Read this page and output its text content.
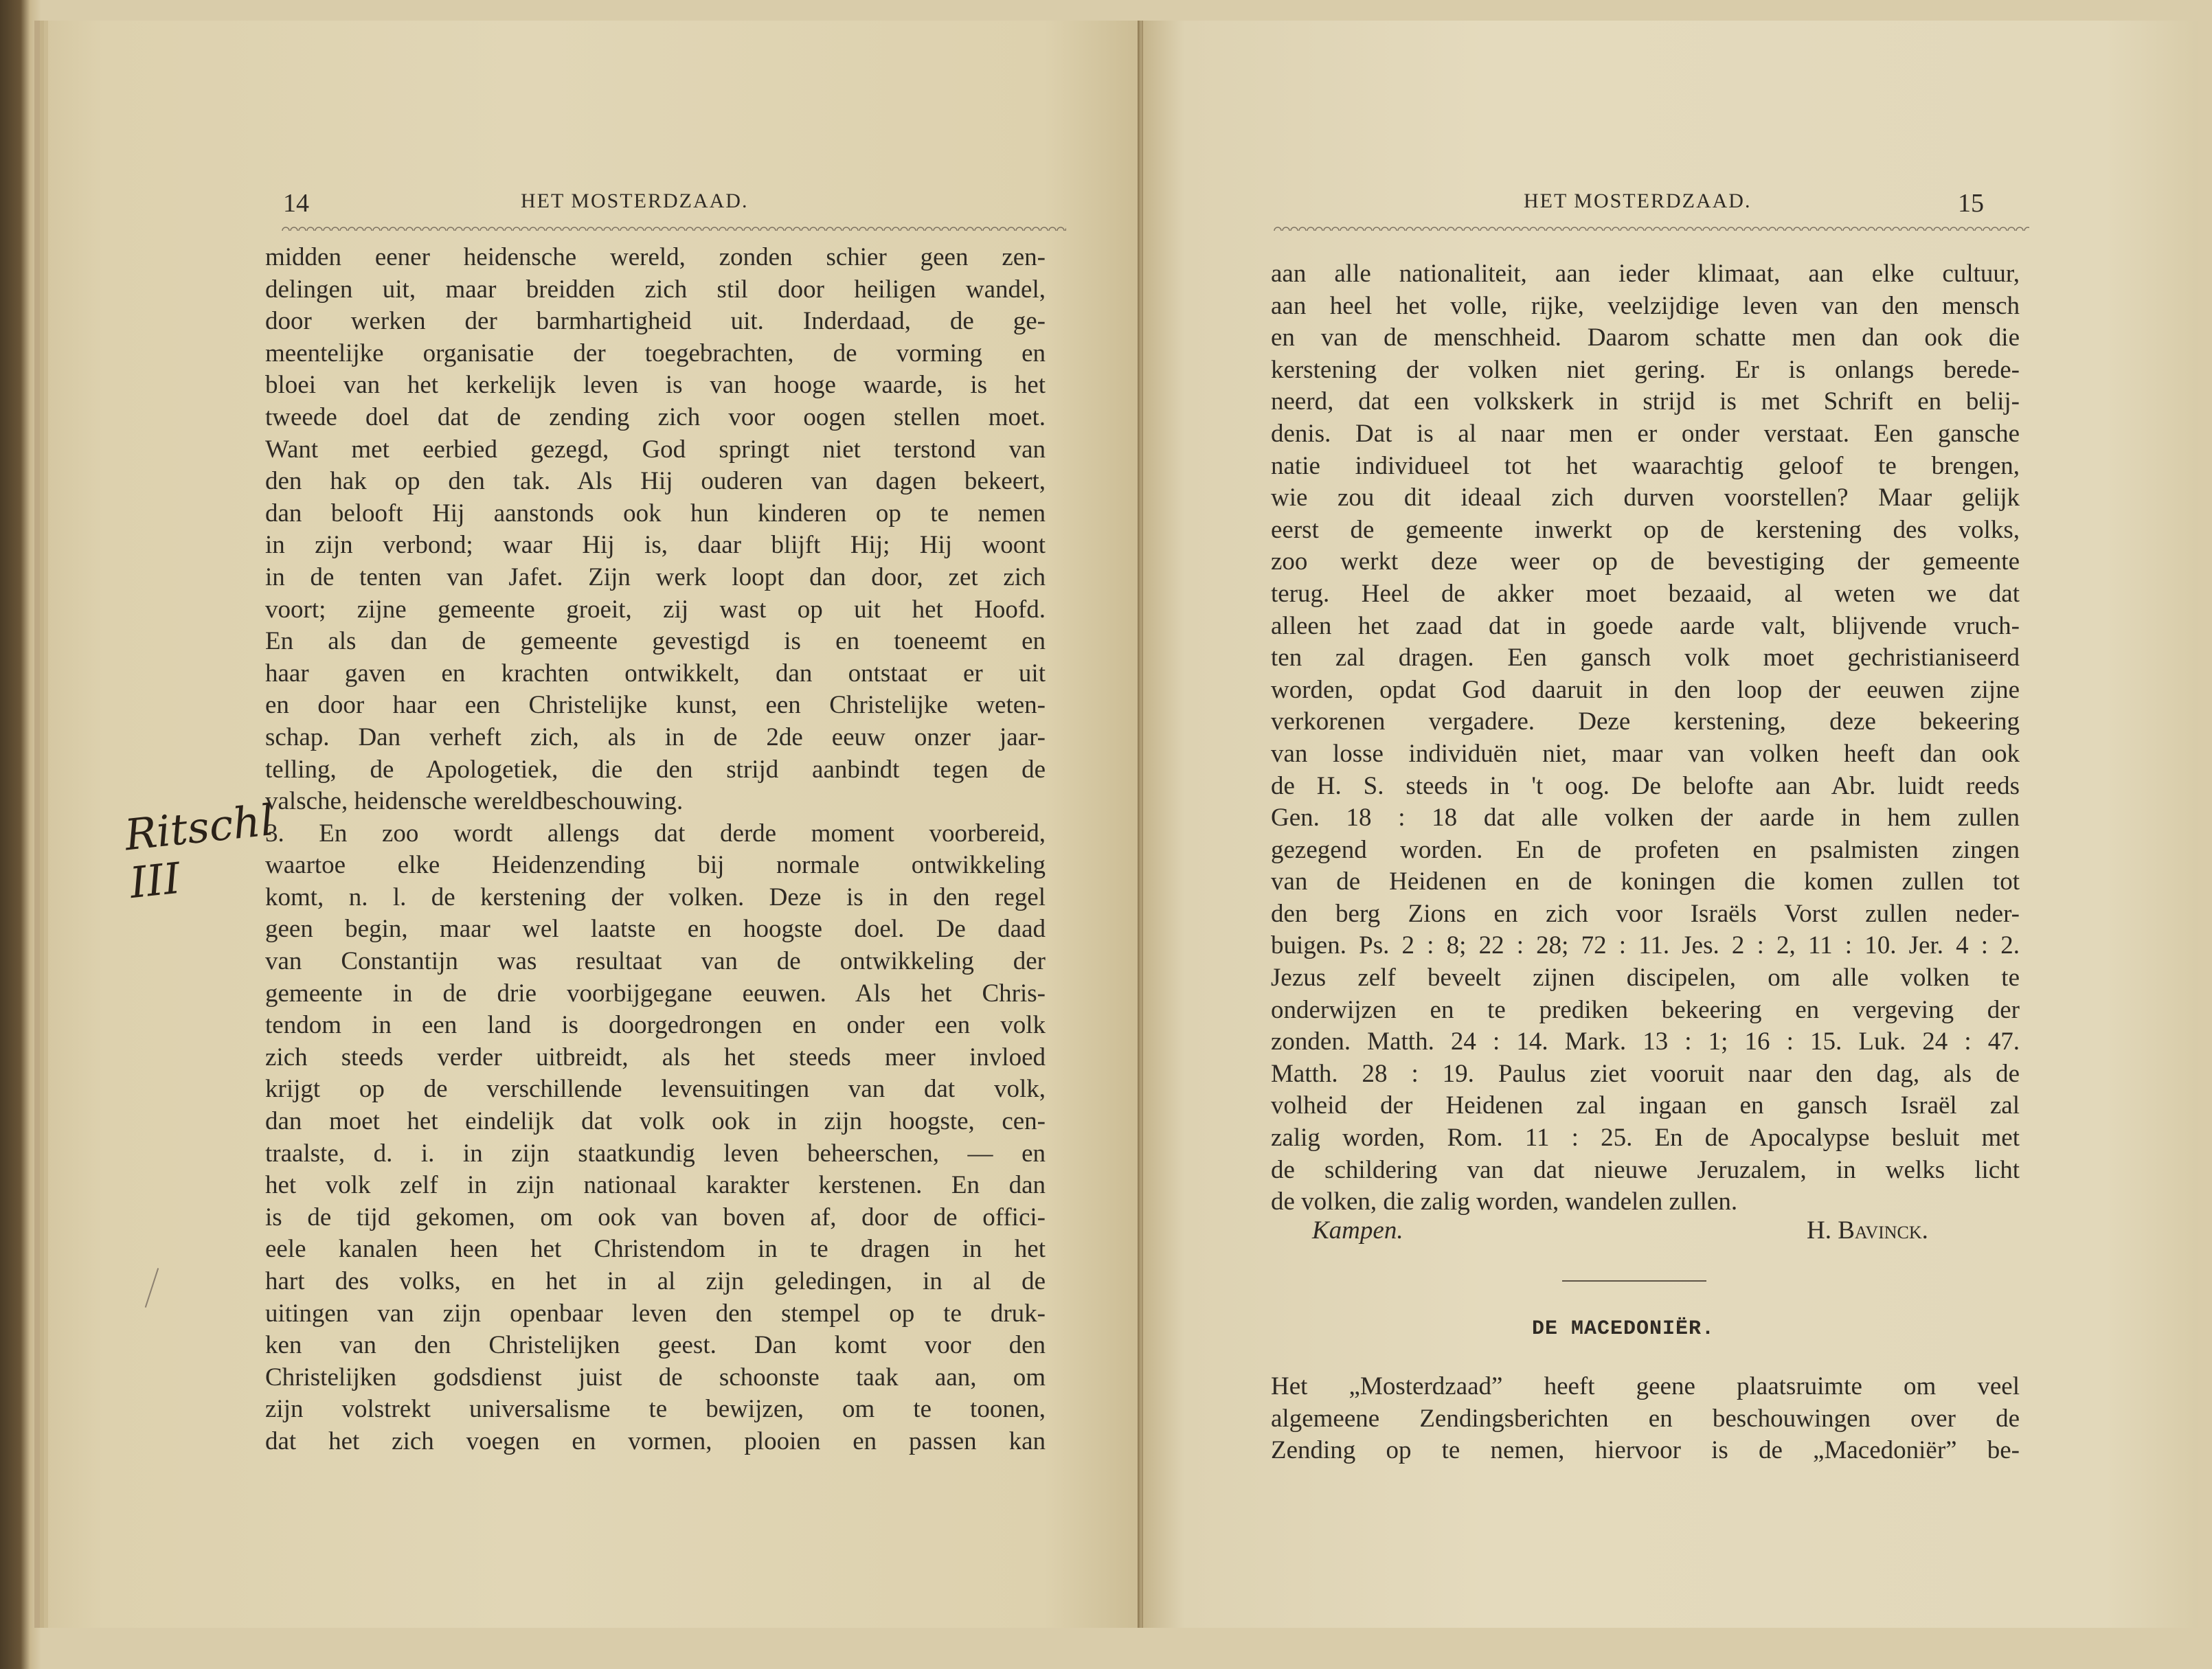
14	HET MOSTERDZAAD.
midden eener heidensche wereld, zonden schier geen zen-
delingen uit, maar breidden zich stil door heiligen wandel,
door werken der barmhartigheid uit. Inderdaad, de ge-
meentelijke organisatie der toegebrachten, de vorming en
bloei van het kerkelijk leven is van hooge waarde, is het
tweede doel dat de zending zich voor oogen stellen moet.
Want met eerbied gezegd, God springt niet terstond van
den hak op den tak. Als Hij ouderen van dagen bekeert,
dan belooft Hij aanstonds ook hun kinderen op te nemen
in zijn verbond; waar Hij is, daar blijft Hij; Hij woont
in de tenten van Jafet. Zijn werk loopt dan door, zet zich
voort; zijne gemeente groeit, zij wast op uit het Hoofd.
En als dan de gemeente gevestigd is en toeneemt en
haar gaven en krachten ontwikkelt, dan ontstaat er uit
en door haar een Christelijke kunst, een Christelijke weten-
schap. Dan verheft zich, als in de 2de eeuw onzer jaar-
telling, de Apologetiek, die den strijd aanbindt tegen de
valsche, heidensche wereldbeschouwing.
3. En zoo wordt allengs dat derde moment voorbereid,
waartoe elke Heidenzending bij normale ontwikkeling
komt, n. l. de kerstening der volken. Deze is in den regel
geen begin, maar wel laatste en hoogste doel. De daad
van Constantijn was resultaat van de ontwikkeling der
gemeente in de drie voorbijgegane eeuwen. Als het Chris-
tendom in een land is doorgedrongen en onder een volk
zich steeds verder uitbreidt, als het steeds meer invloed
krijgt op de verschillende levensuitingen van dat volk,
dan moet het eindelijk dat volk ook in zijn hoogste, cen-
traalste, d. i. in zijn staatkundig leven beheerschen, — en
het volk zelf in zijn nationaal karakter kerstenen. En dan
is de tijd gekomen, om ook van boven af, door de offici-
eele kanalen heen het Christendom in te dragen in het
hart des volks, en het in al zijn geledingen, in al de
uitingen van zijn openbaar leven den stempel op te druk-
ken van den Christelijken geest. Dan komt voor den
Christelijken godsdienst juist de schoonste taak aan, om
zijn volstrekt universalisme te bewijzen, om te toonen,
dat het zich voegen en vormen, plooien en passen kan
Ritschl
III
HET MOSTERDZAAD.	15
aan alle nationaliteit, aan ieder klimaat, aan elke cultuur,
aan heel het volle, rijke, veelzijdige leven van den mensch
en van de menschheid. Daarom schatte men dan ook die
kerstening der volken niet gering. Er is onlangs berede-
neerd, dat een volkskerk in strijd is met Schrift en belij-
denis. Dat is al naar men er onder verstaat. Een gansche
natie individueel tot het waarachtig geloof te brengen,
wie zou dit ideaal zich durven voorstellen? Maar gelijk
eerst de gemeente inwerkt op de kerstening des volks,
zoo werkt deze weer op de bevestiging der gemeente
terug. Heel de akker moet bezaaid, al weten we dat
alleen het zaad dat in goede aarde valt, blijvende vruch-
ten zal dragen. Een gansch volk moet gechristianiseerd
worden, opdat God daaruit in den loop der eeuwen zijne
verkorenen vergadere. Deze kerstening, deze bekeering
van losse individuën niet, maar van volken heeft dan ook
de H. S. steeds in 't oog. De belofte aan Abr. luidt reeds
Gen. 18 : 18 dat alle volken der aarde in hem zullen
gezegend worden. En de profeten en psalmisten zingen
van de Heidenen en de koningen die komen zullen tot
den berg Zions en zich voor Israëls Vorst zullen neder-
buigen. Ps. 2 : 8; 22 : 28; 72 : 11. Jes. 2 : 2, 11 : 10. Jer. 4 : 2.
Jezus zelf beveelt zijnen discipelen, om alle volken te
onderwijzen en te prediken bekeering en vergeving der
zonden. Matth. 24 : 14. Mark. 13 : 1; 16 : 15. Luk. 24 : 47.
Matth. 28 : 19. Paulus ziet vooruit naar den dag, als de
volheid der Heidenen zal ingaan en gansch Israël zal
zalig worden, Rom. 11 : 25. En de Apocalypse besluit met
de schildering van dat nieuwe Jeruzalem, in welks licht
de volken, die zalig worden, wandelen zullen.
Kampen.	H. Bavinck.
DE MACEDONIËR.
Het „Mosterdzaad” heeft geene plaatsruimte om veel
algemeene Zendingsberichten en beschouwingen over de
Zending op te nemen, hiervoor is de „Macedoniër” be-
